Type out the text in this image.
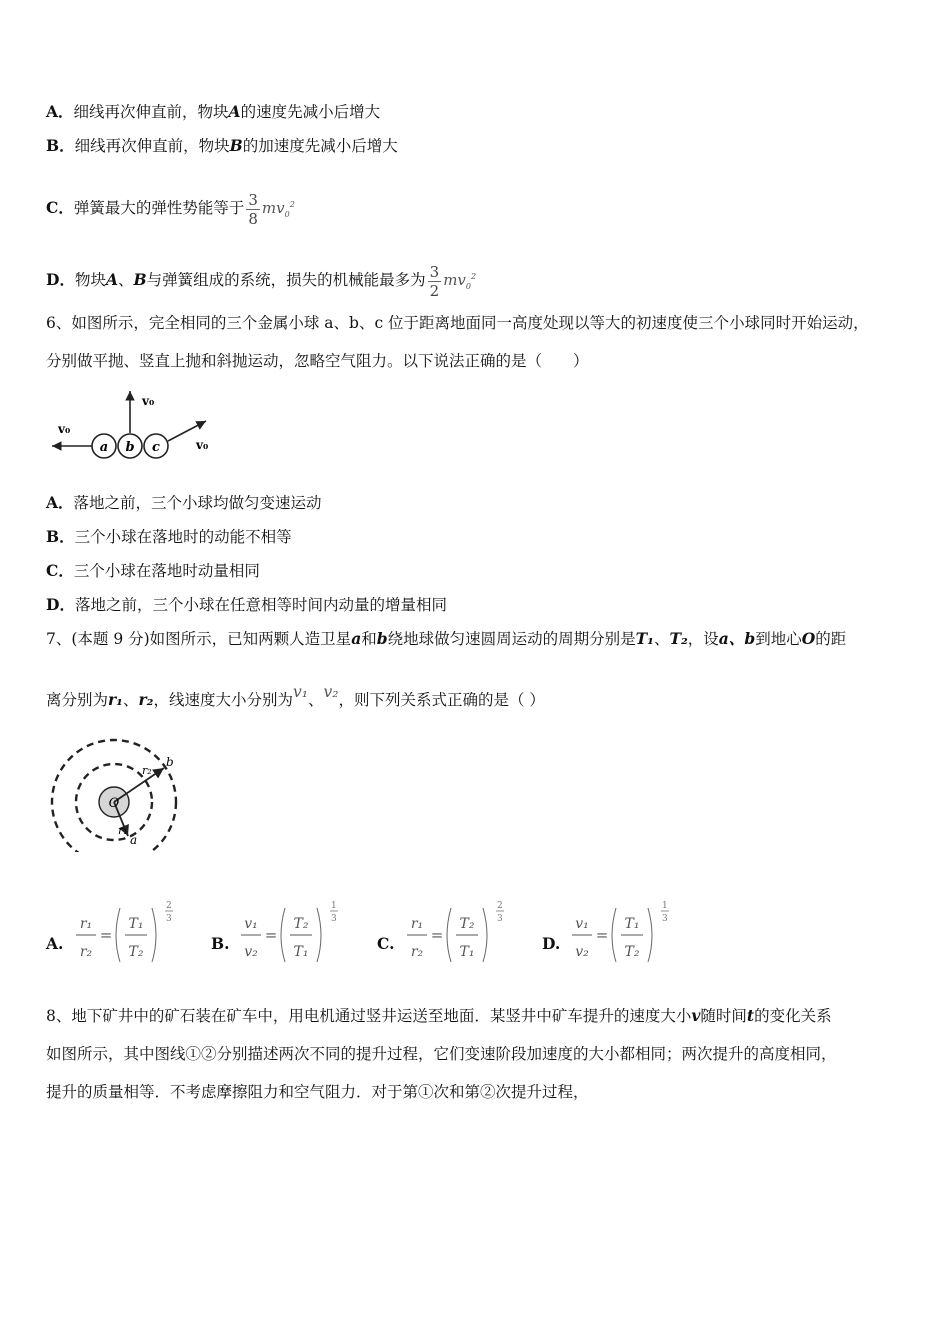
A．细线再次伸直前，物块A的速度先减小后增大
B．细线再次伸直前，物块B的加速度先减小后增大
C．弹簧最大的弹性势能等于 $\frac{3}{8} mv_0^2$
D．物块A、B与弹簧组成的系统，损失的机械能最多为 $\frac{3}{2} mv_0^2$
6、如图所示，完全相同的三个金属小球 a、b、c 位于距离地面同一高度处现以等大的初速度使三个小球同时开始运动，
分别做平抛、竖直上抛和斜抛运动，忽略空气阻力。以下说法正确的是（　　）
a b c
v₀
v₀
v₀
A．落地之前，三个小球均做匀变速运动
B．三个小球在落地时的动能不相等
C．三个小球在落地时动量相同
D．落地之前，三个小球在任意相等时间内动量的增量相同
7、(本题 9 分)如图所示，已知两颗人造卫星a和b绕地球做匀速圆周运动的周期分别是T₁、T₂，设a、b到地心O的距
离分别为r₁、r₂，线速度大小分别为v₁、v₂，则下列关系式正确的是（ ）
O
r₂
r₁
b
a
A.
r₁
r₂
=
T₁
T₂
2
3
B.
v₁
v₂
=
T₂
T₁
1
3
C.
r₁
r₂
=
T₂
T₁
2
3
D.
v₁
v₂
=
T₁
T₂
1
3
8、地下矿井中的矿石装在矿车中，用电机通过竖井运送至地面．某竖井中矿车提升的速度大小v随时间t的变化关系
如图所示，其中图线①②分别描述两次不同的提升过程，它们变速阶段加速度的大小都相同；两次提升的高度相同，
提升的质量相等．不考虑摩擦阻力和空气阻力．对于第①次和第②次提升过程，
